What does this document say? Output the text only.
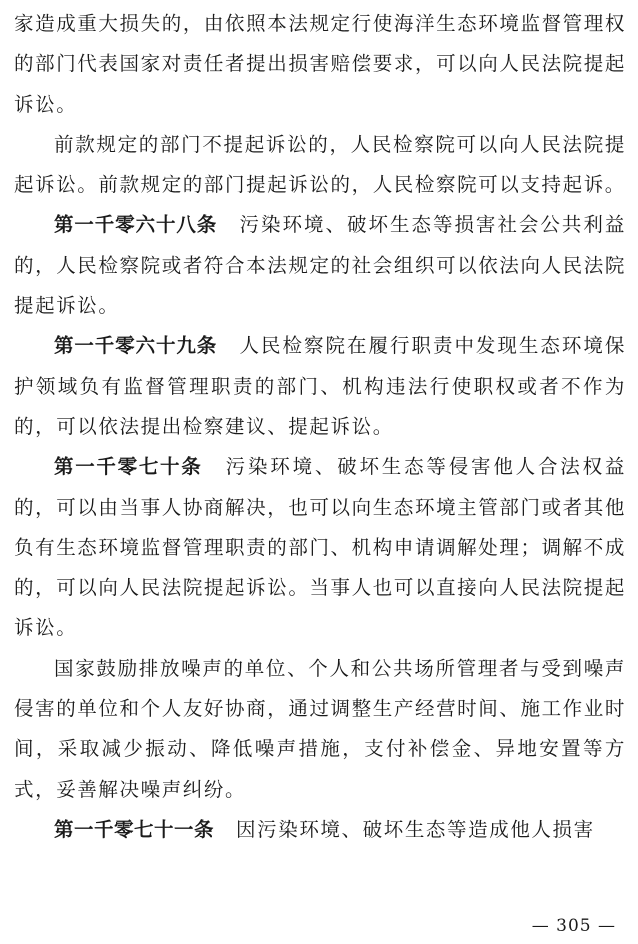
家造成重大损失的，由依照本法规定行使海洋生态环境监督管理权的部门代表国家对责任者提出损害赔偿要求，可以向人民法院提起诉讼。

前款规定的部门不提起诉讼的，人民检察院可以向人民法院提起诉讼。前款规定的部门提起诉讼的，人民检察院可以支持起诉。

第一千零六十八条 污染环境、破坏生态等损害社会公共利益的，人民检察院或者符合本法规定的社会组织可以依法向人民法院提起诉讼。

第一千零六十九条 人民检察院在履行职责中发现生态环境保护领域负有监督管理职责的部门、机构违法行使职权或者不作为的，可以依法提出检察建议、提起诉讼。

第一千零七十条 污染环境、破坏生态等侵害他人合法权益的，可以由当事人协商解决，也可以向生态环境主管部门或者其他负有生态环境监督管理职责的部门、机构申请调解处理；调解不成的，可以向人民法院提起诉讼。当事人也可以直接向人民法院提起诉讼。

国家鼓励排放噪声的单位、个人和公共场所管理者与受到噪声侵害的单位和个人友好协商，通过调整生产经营时间、施工作业时间，采取减少振动、降低噪声措施，支付补偿金、异地安置等方式，妥善解决噪声纠纷。

第一千零七十一条 因污染环境、破坏生态等造成他人损害

— 305 —
